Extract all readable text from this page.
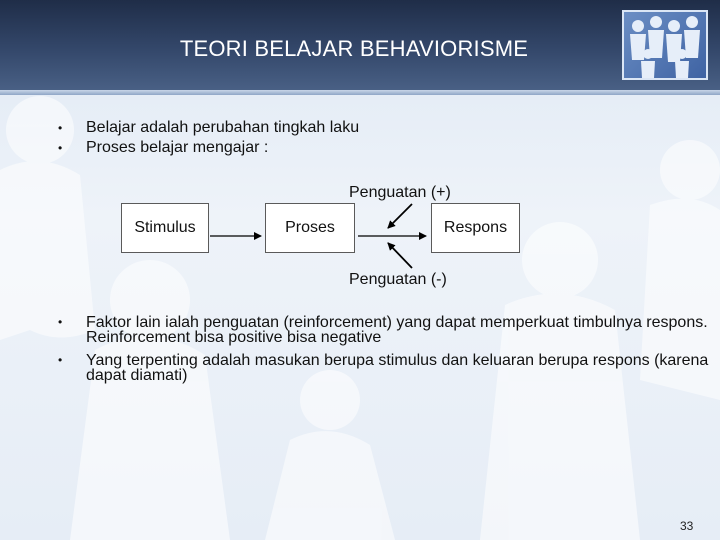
TEORI BELAJAR BEHAVIORISME
• Belajar adalah perubahan tingkah laku
• Proses belajar mengajar :
Penguatan (+)
Stimulus	Proses	Respons
Penguatan (-)
• Faktor lain ialah penguatan (reinforcement) yang dapat memperkuat timbulnya respons. Reinforcement bisa positive bisa negative
• Yang terpenting adalah masukan berupa stimulus dan keluaran berupa respons (karena dapat diamati)
33
